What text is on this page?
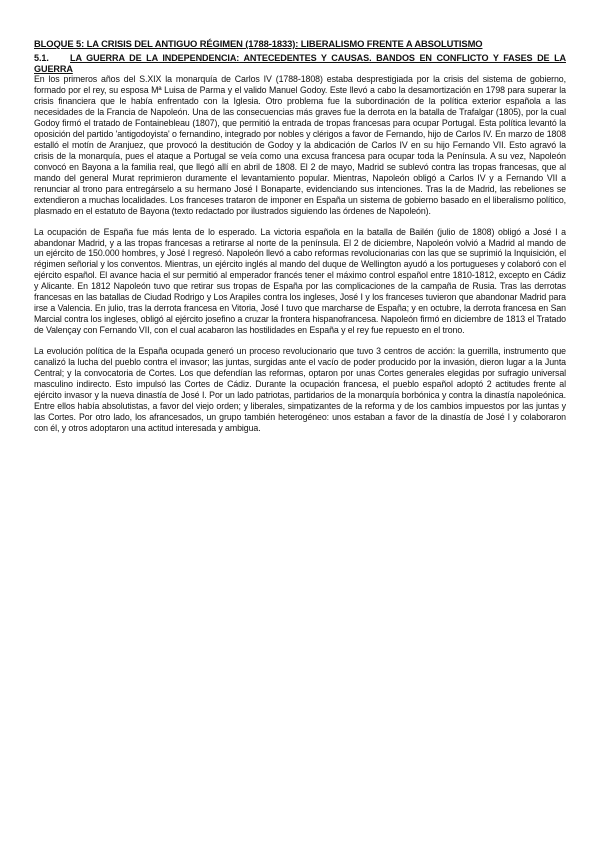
BLOQUE 5: LA CRISIS DEL ANTIGUO RÉGIMEN (1788-1833): LIBERALISMO FRENTE A ABSOLUTISMO
5.1. LA GUERRA DE LA INDEPENDENCIA: ANTECEDENTES Y CAUSAS. BANDOS EN CONFLICTO Y FASES DE LA GUERRA

En los primeros años del S.XIX la monarquía de Carlos IV (1788-1808) estaba desprestigiada por la crisis del sistema de gobierno, formado por el rey, su esposa Mª Luisa de Parma y el valido Manuel Godoy. Este llevó a cabo la desamortización en 1798 para superar la crisis financiera que le había enfrentado con la Iglesia. Otro problema fue la subordinación de la política exterior española a las necesidades de la Francia de Napoleón. Una de las consecuencias más graves fue la derrota en la batalla de Trafalgar (1805), por la cual Godoy firmó el tratado de Fontainebleau (1807), que permitió la entrada de tropas francesas para ocupar Portugal. Esta política levantó la oposición del partido 'antigodoyista' o fernandino, integrado por nobles y clérigos a favor de Fernando, hijo de Carlos IV. En marzo de 1808 estalló el motín de Aranjuez, que provocó la destitución de Godoy y la abdicación de Carlos IV en su hijo Fernando VII. Esto agravó la crisis de la monarquía, pues el ataque a Portugal se veía como una excusa francesa para ocupar toda la Península. A su vez, Napoleón convocó en Bayona a la familia real, que llegó allí en abril de 1808. El 2 de mayo, Madrid se sublevó contra las tropas francesas, que al mando del general Murat reprimieron duramente el levantamiento popular. Mientras, Napoleón obligó a Carlos IV y a Fernando VII a renunciar al trono para entregárselo a su hermano José I Bonaparte, evidenciando sus intenciones. Tras la de Madrid, las rebeliones se extendieron a muchas localidades. Los franceses trataron de imponer en España un sistema de gobierno basado en el liberalismo político, plasmado en el estatuto de Bayona (texto redactado por ilustrados siguiendo las órdenes de Napoleón).

La ocupación de España fue más lenta de lo esperado. La victoria española en la batalla de Bailén (julio de 1808) obligó a José I a abandonar Madrid, y a las tropas francesas a retirarse al norte de la península. El 2 de diciembre, Napoleón volvió a Madrid al mando de un ejército de 150.000 hombres, y José I regresó. Napoleón llevó a cabo reformas revolucionarias con las que se suprimió la Inquisición, el régimen señorial y los conventos. Mientras, un ejército inglés al mando del duque de Wellington ayudó a los portugueses y colaboró con el ejército español. El avance hacia el sur permitió al emperador francés tener el máximo control español entre 1810-1812, excepto en Cádiz y Alicante. En 1812 Napoleón tuvo que retirar sus tropas de España por las complicaciones de la campaña de Rusia. Tras las derrotas francesas en las batallas de Ciudad Rodrigo y Los Arapiles contra los ingleses, José I y los franceses tuvieron que abandonar Madrid para irse a Valencia. En julio, tras la derrota francesa en Vitoria, José I tuvo que marcharse de España; y en octubre, la derrota francesa en San Marcial contra los ingleses, obligó al ejército josefino a cruzar la frontera hispanofrancesa. Napoleón firmó en diciembre de 1813 el Tratado de Valençay con Fernando VII, con el cual acabaron las hostilidades en España y el rey fue repuesto en el trono.

La evolución política de la España ocupada generó un proceso revolucionario que tuvo 3 centros de acción: la guerrilla, instrumento que canalizó la lucha del pueblo contra el invasor; las juntas, surgidas ante el vacío de poder producido por la invasión, dieron lugar a la Junta Central; y la convocatoria de Cortes. Los que defendían las reformas, optaron por unas Cortes generales elegidas por sufragio universal masculino indirecto. Esto impulsó las Cortes de Cádiz. Durante la ocupación francesa, el pueblo español adoptó 2 actitudes frente al ejército invasor y la nueva dinastía de José I. Por un lado patriotas, partidarios de la monarquía borbónica y contra la dinastía napoleónica. Entre ellos había absolutistas, a favor del viejo orden; y liberales, simpatizantes de la reforma y de los cambios impuestos por las juntas y las Cortes. Por otro lado, los afrancesados, un grupo también heterogéneo: unos estaban a favor de la dinastía de José I y colaboraron con él, y otros adoptaron una actitud interesada y ambigua.
